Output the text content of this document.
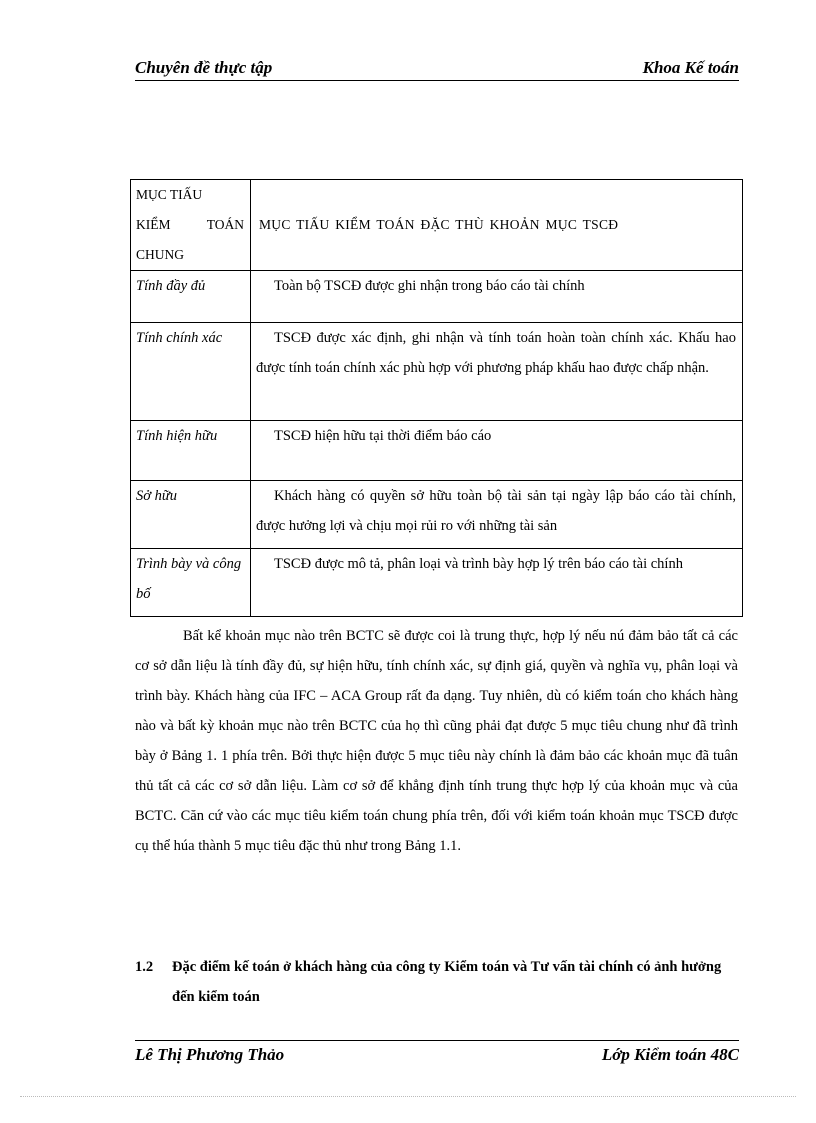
Chuyên đề thực tập	Khoa Kế toán
MỤC TIẤU
KIỂM TOÁN
CHUNG	MỤC TIẤU KIỂM TOÁN ĐẶC THÙ KHOẢN MỤC TSCĐ
Tính đầy đủ	Toàn bộ TSCĐ được ghi nhận trong báo cáo tài chính
Tính chính xác	TSCĐ được xác định, ghi nhận và tính toán hoàn toàn chính xác. Khấu hao được tính toán chính xác phù hợp với phương pháp khấu hao được chấp nhận.
Tính hiện hữu	TSCĐ hiện hữu tại thời điểm báo cáo
Sở hữu	Khách hàng có quyền sở hữu toàn bộ tài sản tại ngày lập báo cáo tài chính, được hưởng lợi và chịu mọi rủi ro với những tài sản
Trình bày và công bố	TSCĐ được mô tả, phân loại và trình bày hợp lý trên báo cáo tài chính

Bất kể khoản mục nào trên BCTC sẽ được coi là trung thực, hợp lý nếu nú đảm bảo tất cả các cơ sở dẫn liệu là tính đầy đủ, sự hiện hữu, tính chính xác, sự định giá, quyền và nghĩa vụ, phân loại và trình bày. Khách hàng của IFC – ACA Group rất đa dạng. Tuy nhiên, dù có kiểm toán cho khách hàng nào và bất kỳ khoản mục nào trên BCTC của họ thì cũng phải đạt được 5 mục tiêu chung như đã trình bày ở Bảng 1. 1 phía trên. Bởi thực hiện được 5 mục tiêu này chính là đảm bảo các khoản mục đã tuân thủ tất cả các cơ sở dẫn liệu. Làm cơ sở để khẳng định tính trung thực hợp lý của khoản mục và của BCTC. Căn cứ vào các mục tiêu kiểm toán chung phía trên, đối với kiểm toán khoản mục TSCĐ được cụ thể húa thành 5 mục tiêu đặc thủ như trong Bảng 1.1.

1.2 Đặc điểm kế toán ở khách hàng của công ty Kiểm toán và Tư vấn tài chính có ảnh hưởng đến kiểm toán
Lê Thị Phương Thảo	Lớp Kiểm toán 48C
